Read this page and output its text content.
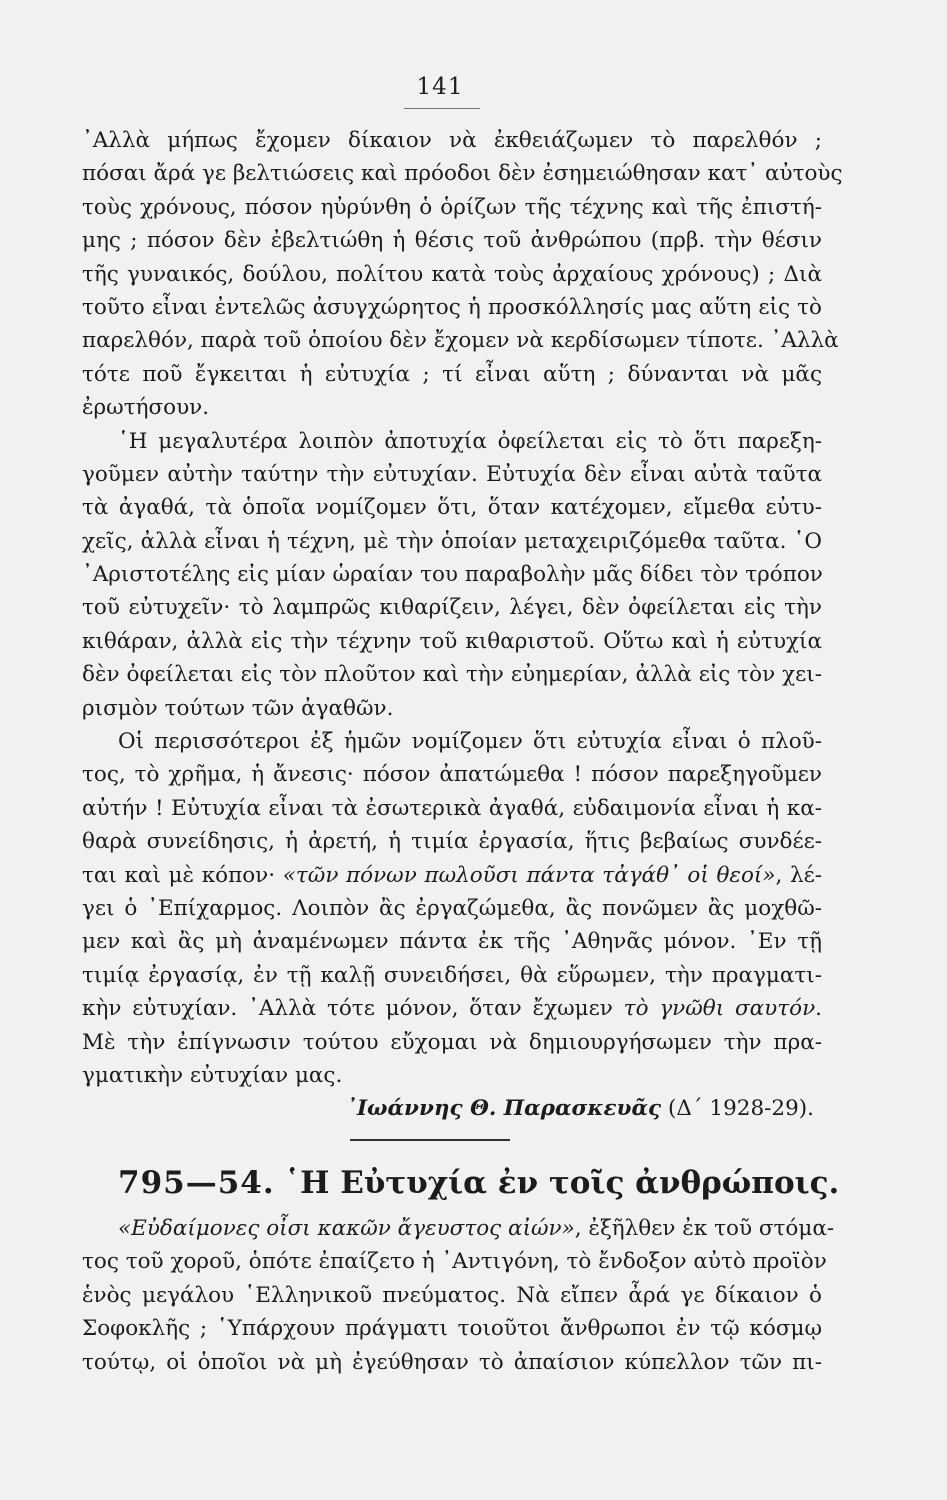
141
᾿Αλλὰ μήπως ἔχομεν δίκαιον νὰ ἐκθειάζωμεν τὸ παρελθόν ;
πόσαι ἄρά γε βελτιώσεις καὶ πρόοδοι δὲν ἐσημειώθησαν κατ᾿ αὐτοὺς
τοὺς χρόνους, πόσον ηὐρύνθη ὁ ὁρίζων τῆς τέχνης καὶ τῆς ἐπιστή-
μης ; πόσον δὲν ἐβελτιώθη ἡ θέσις τοῦ ἀνθρώπου (πρβ. τὴν θέσιν
τῆς γυναικός, δούλου, πολίτου κατὰ τοὺς ἀρχαίους χρόνους) ; Διὰ
τοῦτο εἶναι ἐντελῶς ἀσυγχώρητος ἡ προσκόλλησίς μας αὕτη εἰς τὸ
παρελθόν, παρὰ τοῦ ὁποίου δὲν ἔχομεν νὰ κερδίσωμεν τίποτε. ᾿Αλλὰ
τότε ποῦ ἔγκειται ἡ εὐτυχία ; τί εἶναι αὕτη ; δύνανται νὰ μᾶς
ἐρωτήσουν.
῾Η μεγαλυτέρα λοιπὸν ἀποτυχία ὀφείλεται εἰς τὸ ὅτι παρεξη-
γοῦμεν αὐτὴν ταύτην τὴν εὐτυχίαν. Εὐτυχία δὲν εἶναι αὐτὰ ταῦτα
τὰ ἀγαθά, τὰ ὁποῖα νομίζομεν ὅτι, ὅταν κατέχομεν, εἴμεθα εὐτυ-
χεῖς, ἀλλὰ εἶναι ἡ τέχνη, μὲ τὴν ὁποίαν μεταχειριζόμεθα ταῦτα. ῾Ο
᾿Αριστοτέλης εἰς μίαν ὡραίαν του παραβολὴν μᾶς δίδει τὸν τρόπον
τοῦ εὐτυχεῖν· τὸ λαμπρῶς κιθαρίζειν, λέγει, δὲν ὀφείλεται εἰς τὴν
κιθάραν, ἀλλὰ εἰς τὴν τέχνην τοῦ κιθαριστοῦ. Οὕτω καὶ ἡ εὐτυχία
δὲν ὀφείλεται εἰς τὸν πλοῦτον καὶ τὴν εὐημερίαν, ἀλλὰ εἰς τὸν χει-
ρισμὸν τούτων τῶν ἀγαθῶν.
Οἱ περισσότεροι ἐξ ἡμῶν νομίζομεν ὅτι εὐτυχία εἶναι ὁ πλοῦ-
τος, τὸ χρῆμα, ἡ ἄνεσις· πόσον ἀπατώμεθα ! πόσον παρεξηγοῦμεν
αὐτήν ! Εὐτυχία εἶναι τὰ ἐσωτερικὰ ἀγαθά, εὐδαιμονία εἶναι ἡ κα-
θαρὰ συνείδησις, ἡ ἀρετή, ἡ τιμία ἐργασία, ἥτις βεβαίως συνδέε-
ται καὶ μὲ κόπον· «τῶν πόνων πωλοῦσι πάντα τἀγάθ᾿ οἱ θεοί», λέ-
γει ὁ ᾿Επίχαρμος. Λοιπὸν ἂς ἐργαζώμεθα, ἂς πονῶμεν ἂς μοχθῶ-
μεν καὶ ἂς μὴ ἀναμένωμεν πάντα ἐκ τῆς ᾿Αθηνᾶς μόνον. ᾿Εν τῇ
τιμίᾳ ἐργασίᾳ, ἐν τῇ καλῇ συνειδήσει, θὰ εὕρωμεν, τὴν πραγματι-
κὴν εὐτυχίαν. ᾿Αλλὰ τότε μόνον, ὅταν ἔχωμεν τὸ γνῶθι σαυτόν.
Μὲ τὴν ἐπίγνωσιν τούτου εὔχομαι νὰ δημιουργήσωμεν τὴν πρα-
γματικὴν εὐτυχίαν μας.
᾿Ιωάννης Θ. Παρασκευᾶς (Δ΄ 1928-29).
795—54. ῾Η Εὐτυχία ἐν τοῖς ἀνθρώποις.
«Εὐδαίμονες οἶσι κακῶν ἄγευστος αἰών», ἐξῆλθεν ἐκ τοῦ στόμα-
τος τοῦ χοροῦ, ὁπότε ἐπαίζετο ἡ ᾿Αντιγόνη, τὸ ἔνδοξον αὐτὸ προϊὸν
ἑνὸς μεγάλου ῾Ελληνικοῦ πνεύματος. Νὰ εἴπεν ἆρά γε δίκαιον ὁ
Σοφοκλῆς ; ῾Υπάρχουν πράγματι τοιοῦτοι ἄνθρωποι ἐν τῷ κόσμῳ
τούτῳ, οἱ ὁποῖοι νὰ μὴ ἐγεύθησαν τὸ ἀπαίσιον κύπελλον τῶν πι-
